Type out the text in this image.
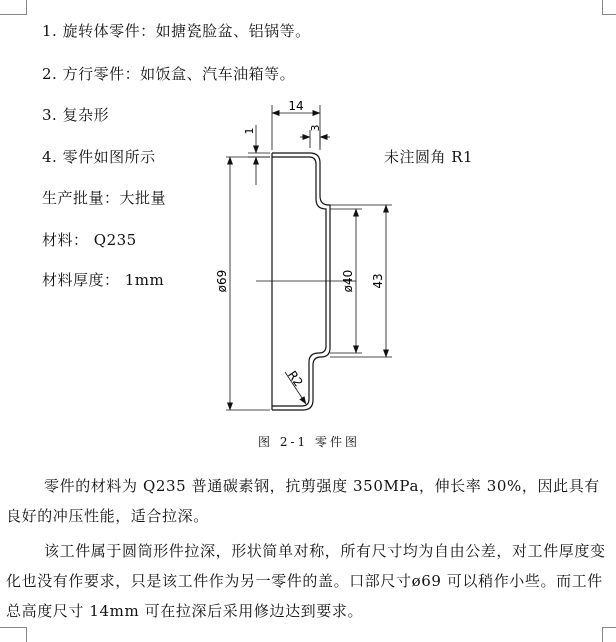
1. 旋转体零件：如搪瓷脸盆、铝锅等。
2. 方行零件：如饭盒、汽车油箱等。
3. 复杂形
4. 零件如图所示
生产批量：大批量
材料： Q235
材料厚度： 1mm
未注圆角 R1
14
3
1
ø69	ø40 43
R2
图 2-1 零件图
零件的材料为 Q235 普通碳素钢，抗剪强度 350MPa，伸长率 30%，因此具有良好的冲压性能，适合拉深。
该工件属于圆筒形件拉深，形状简单对称，所有尺寸均为自由公差，对工件厚度变化也没有作要求，只是该工件作为另一零件的盖。口部尺寸ø69 可以稍作小些。而工件总高度尺寸 14mm 可在拉深后采用修边达到要求。
